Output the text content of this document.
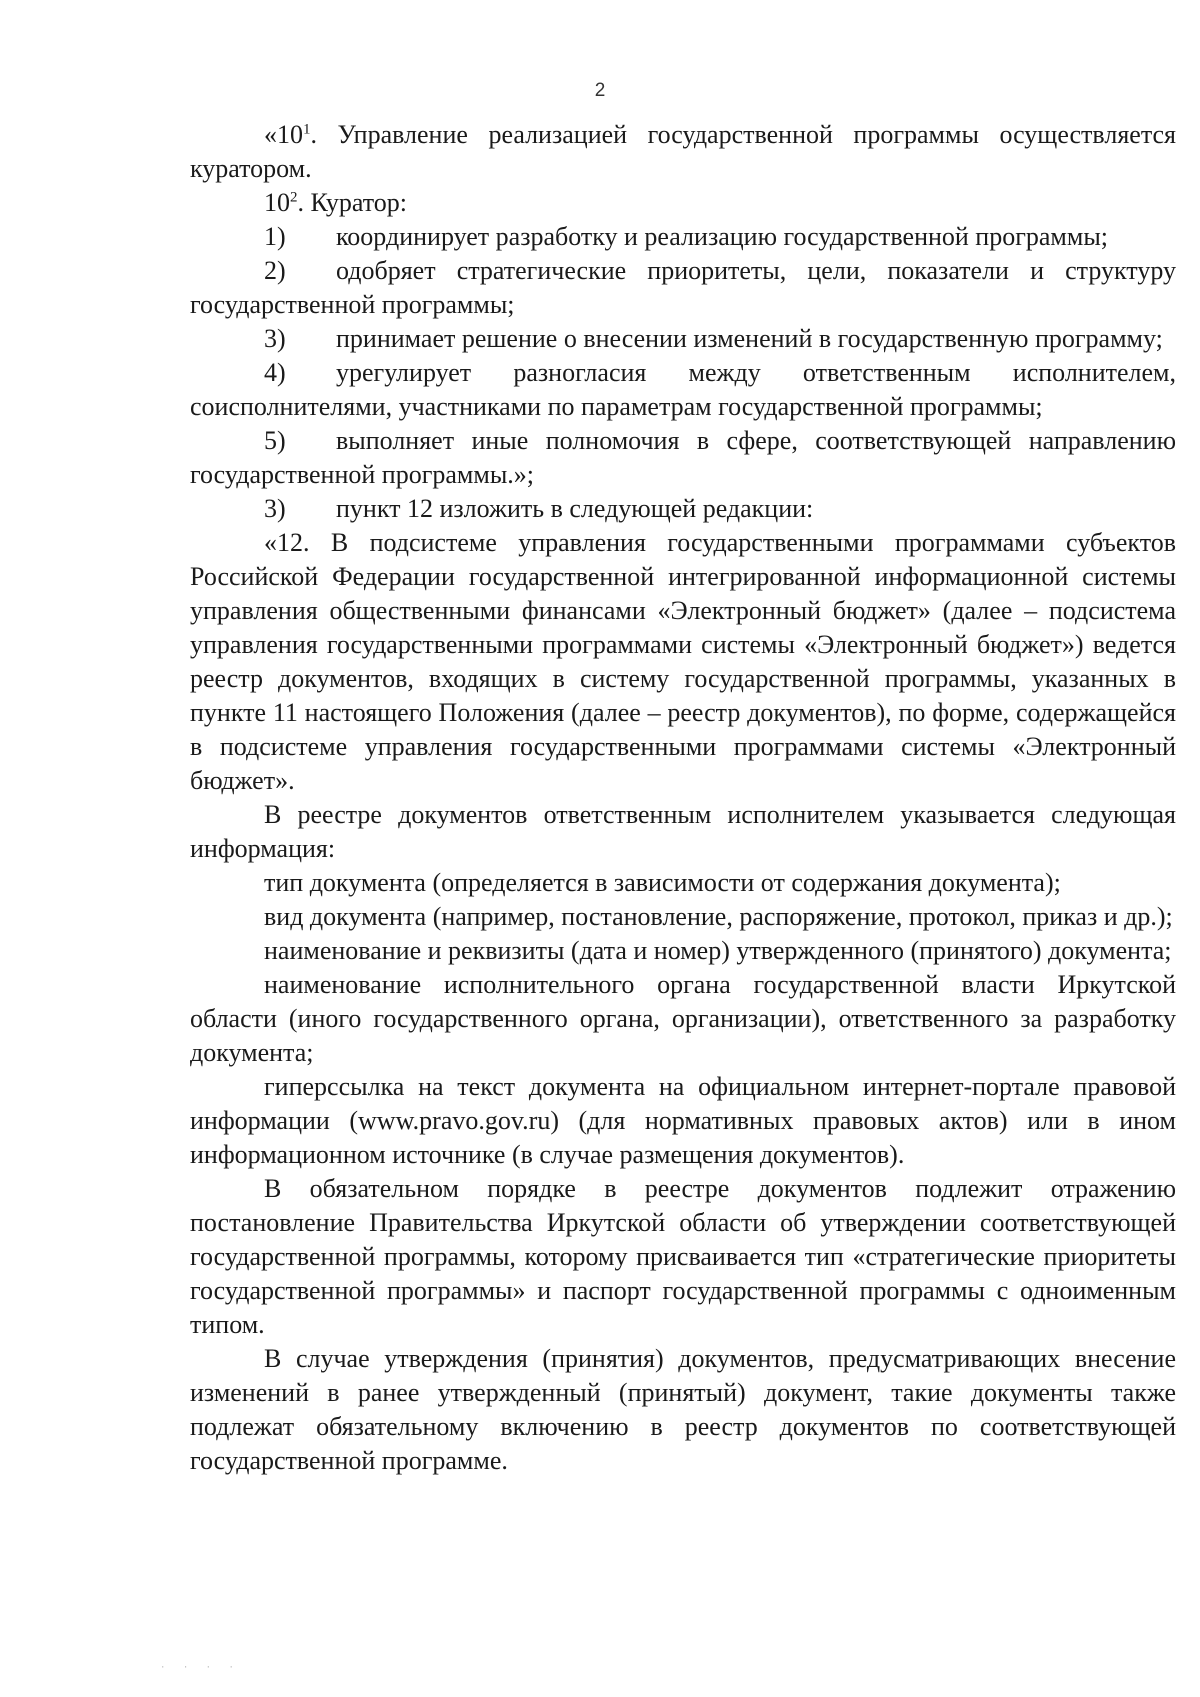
2

«$10^1$. Управление реализацией государственной программы осуществляется куратором.

$10^2$. Куратор:

1) координирует разработку и реализацию государственной программы;

2) одобряет стратегические приоритеты, цели, показатели и структуру государственной программы;

3) принимает решение о внесении изменений в государственную программу;

4) урегулирует разногласия между ответственным исполнителем, соисполнителями, участниками по параметрам государственной программы;

5) выполняет иные полномочия в сфере, соответствующей направлению государственной программы.»;

3) пункт 12 изложить в следующей редакции:

«12. В подсистеме управления государственными программами субъектов Российской Федерации государственной интегрированной информационной системы управления общественными финансами «Электронный бюджет» (далее – подсистема управления государственными программами системы «Электронный бюджет») ведется реестр документов, входящих в систему государственной программы, указанных в пункте 11 настоящего Положения (далее – реестр документов), по форме, содержащейся в подсистеме управления государственными программами системы «Электронный бюджет».

В реестре документов ответственным исполнителем указывается следующая информация:

тип документа (определяется в зависимости от содержания документа);

вид документа (например, постановление, распоряжение, протокол, приказ и др.);

наименование и реквизиты (дата и номер) утвержденного (принятого) документа;

наименование исполнительного органа государственной власти Иркутской области (иного государственного органа, организации), ответственного за разработку документа;

гиперссылка на текст документа на официальном интернет-портале правовой информации (www.pravo.gov.ru) (для нормативных правовых актов) или в ином информационном источнике (в случае размещения документов).

В обязательном порядке в реестре документов подлежит отражению постановление Правительства Иркутской области об утверждении соответствующей государственной программы, которому присваивается тип «стратегические приоритеты государственной программы» и паспорт государственной программы с одноименным типом.

В случае утверждения (принятия) документов, предусматривающих внесение изменений в ранее утвержденный (принятый) документ, такие документы также подлежат обязательному включению в реестр документов по соответствующей государственной программе.

· · · ·
